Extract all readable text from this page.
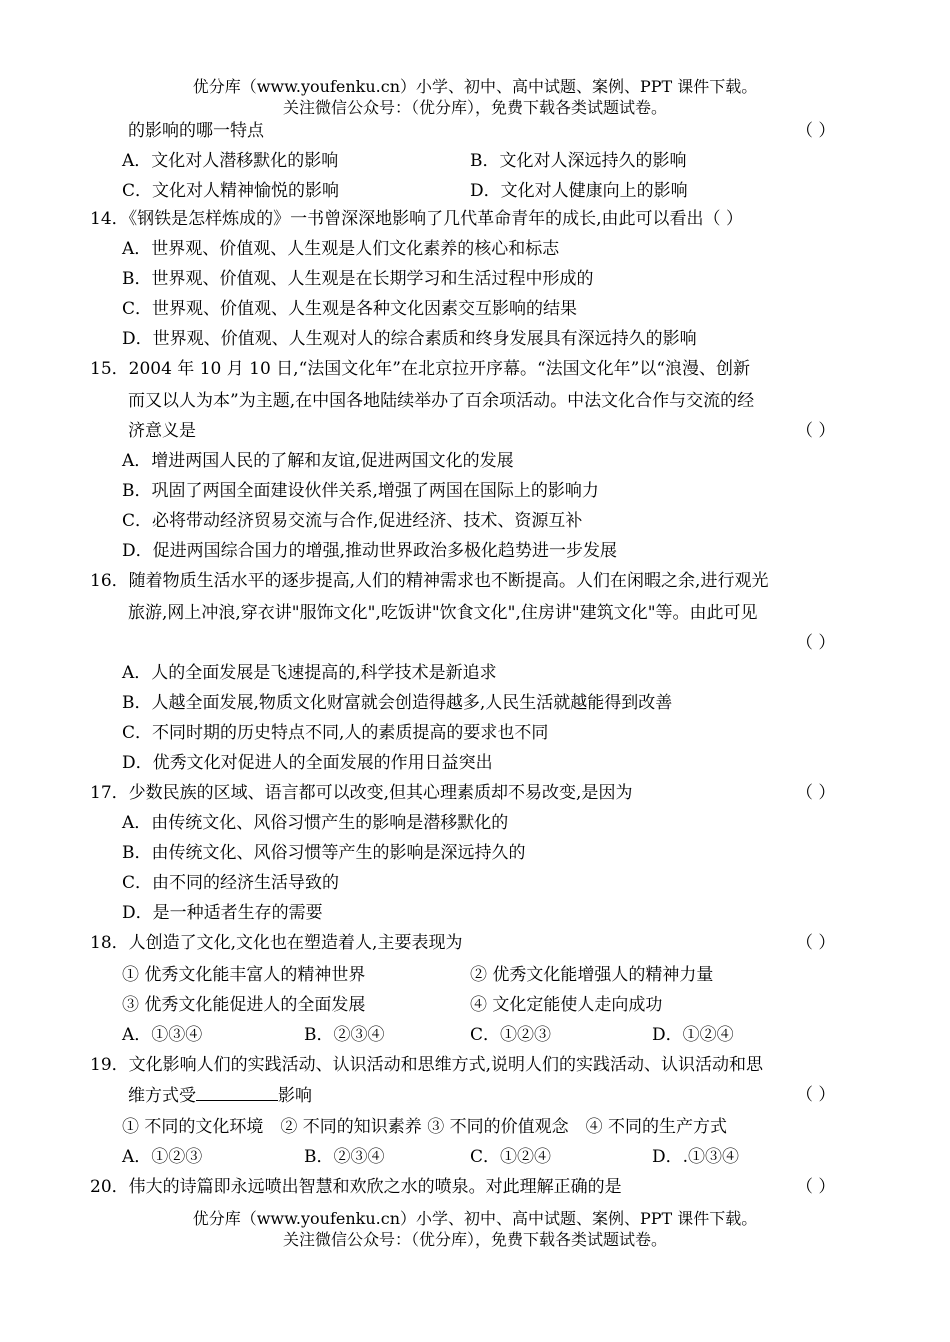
优分库（www.youfenku.cn）小学、初中、高中试题、案例、PPT 课件下载。
关注微信公众号：（优分库），免费下载各类试题试卷。
的影响的哪一特点	（ ）
A．文化对人潜移默化的影响	B．文化对人深远持久的影响
C．文化对人精神愉悦的影响	D．文化对人健康向上的影响
14．《钢铁是怎样炼成的》一书曾深深地影响了几代革命青年的成长,由此可以看出（ ）
A．世界观、价值观、人生观是人们文化素养的核心和标志
B．世界观、价值观、人生观是在长期学习和生活过程中形成的
C．世界观、价值观、人生观是各种文化因素交互影响的结果
D．世界观、价值观、人生观对人的综合素质和终身发展具有深远持久的影响
15．2004 年 10 月 10 日,“法国文化年”在北京拉开序幕。“法国文化年”以“浪漫、创新
而又以人为本”为主题,在中国各地陆续举办了百余项活动。中法文化合作与交流的经
济意义是	（ ）
A．增进两国人民的了解和友谊,促进两国文化的发展
B．巩固了两国全面建设伙伴关系,增强了两国在国际上的影响力
C．必将带动经济贸易交流与合作,促进经济、技术、资源互补
D．促进两国综合国力的增强,推动世界政治多极化趋势进一步发展
16．随着物质生活水平的逐步提高,人们的精神需求也不断提高。人们在闲暇之余,进行观光
旅游,网上冲浪,穿衣讲"服饰文化",吃饭讲"饮食文化",住房讲"建筑文化"等。由此可见
（ ）
A．人的全面发展是飞速提高的,科学技术是新追求
B．人越全面发展,物质文化财富就会创造得越多,人民生活就越能得到改善
C．不同时期的历史特点不同,人的素质提高的要求也不同
D．优秀文化对促进人的全面发展的作用日益突出
17．少数民族的区域、语言都可以改变,但其心理素质却不易改变,是因为	（ ）
A．由传统文化、风俗习惯产生的影响是潜移默化的
B．由传统文化、风俗习惯等产生的影响是深远持久的
C．由不同的经济生活导致的
D．是一种适者生存的需要
18．人创造了文化,文化也在塑造着人,主要表现为	（ ）
① 优秀文化能丰富人的精神世界	② 优秀文化能增强人的精神力量
③ 优秀文化能促进人的全面发展	④ 文化定能使人走向成功
A．①③④	B．②③④	C．①②③	D．①②④
19．文化影响人们的实践活动、认识活动和思维方式,说明人们的实践活动、认识活动和思
维方式受	影响	（ ）
① 不同的文化环境　② 不同的知识素养 ③ 不同的价值观念　④ 不同的生产方式
A．①②③	B．②③④	C．①②④	D．.①③④
20．伟大的诗篇即永远喷出智慧和欢欣之水的喷泉。对此理解正确的是	（ ）
优分库（www.youfenku.cn）小学、初中、高中试题、案例、PPT 课件下载。
关注微信公众号：（优分库），免费下载各类试题试卷。
